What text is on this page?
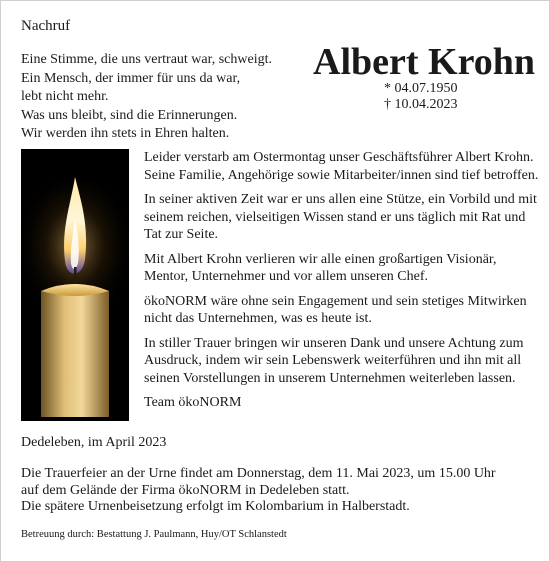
Nachruf
Eine Stimme, die uns vertraut war, schweigt.
Ein Mensch, der immer für uns da war,
lebt nicht mehr.
Was uns bleibt, sind die Erinnerungen.
Wir werden ihn stets in Ehren halten.
Albert Krohn
* 04.07.1950
† 10.04.2023

Leider verstarb am Ostermontag unser Geschäftsführer Albert Krohn. Seine Familie, Angehörige sowie Mitarbeiter/innen sind tief betroffen.

In seiner aktiven Zeit war er uns allen eine Stütze, ein Vorbild und mit seinem reichen, vielseitigen Wissen stand er uns täglich mit Rat und Tat zur Seite.

Mit Albert Krohn verlieren wir alle einen großartigen Visionär, Mentor, Unternehmer und vor allem unseren Chef.

ökoNORM wäre ohne sein Engagement und sein stetiges Mitwirken nicht das Unternehmen, was es heute ist.

In stiller Trauer bringen wir unseren Dank und unsere Achtung zum Ausdruck, indem wir sein Lebenswerk weiterführen und ihn mit all seinen Vorstellungen in unserem Unternehmen weiterleben lassen.

Team ökoNORM

Dedeleben, im April 2023
Die Trauerfeier an der Urne findet am Donnerstag, dem 11. Mai 2023, um 15.00 Uhr
auf dem Gelände der Firma ökoNORM in Dedeleben statt.
Die spätere Urnenbeisetzung erfolgt im Kolombarium in Halberstadt.
Betreuung durch: Bestattung J. Paulmann, Huy/OT Schlanstedt
